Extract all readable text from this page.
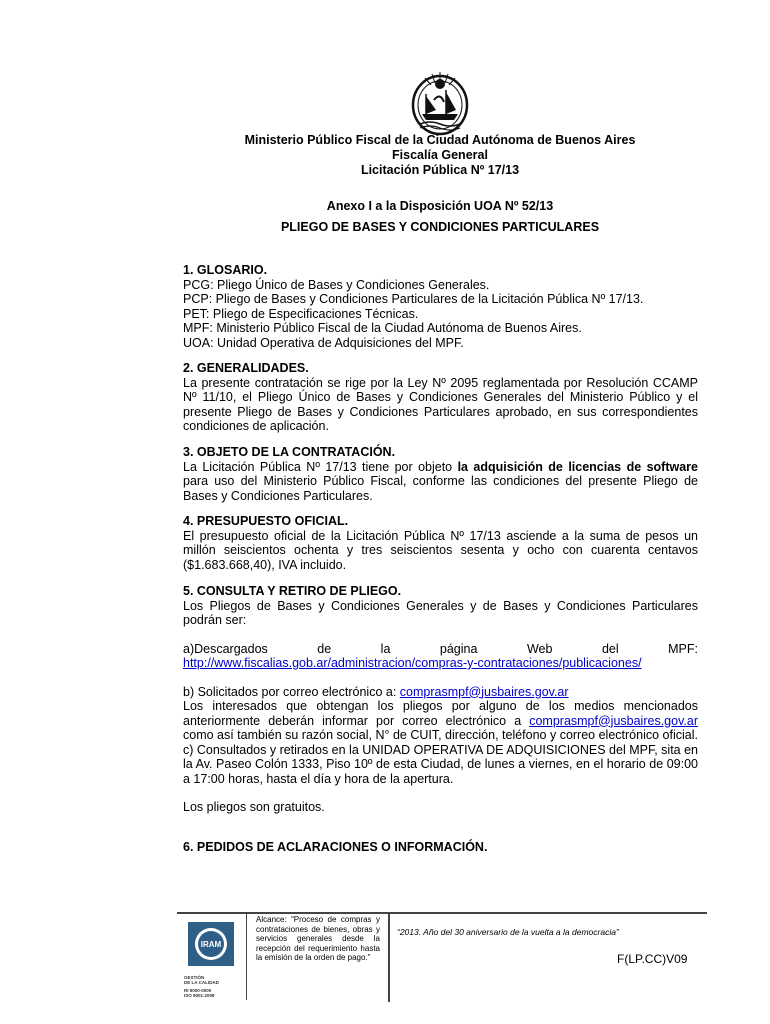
Ministerio Público Fiscal de la Ciudad Autónoma de Buenos Aires
Fiscalía General
Licitación Pública Nº 17/13
Anexo I a la Disposición UOA Nº 52/13
PLIEGO DE BASES Y CONDICIONES PARTICULARES

1. GLOSARIO.

PCG: Pliego Único de Bases y Condiciones Generales.

PCP: Pliego de Bases y Condiciones Particulares de la Licitación Pública Nº 17/13.

PET: Pliego de Especificaciones Técnicas.

MPF: Ministerio Público Fiscal de la Ciudad Autónoma de Buenos Aires.

UOA: Unidad Operativa de Adquisiciones del MPF.

2. GENERALIDADES.

La presente contratación se rige por la Ley Nº 2095 reglamentada por Resolución CCAMP Nº 11/10, el Pliego Único de Bases y Condiciones Generales del Ministerio Público y el presente Pliego de Bases y Condiciones Particulares aprobado, en sus correspondientes condiciones de aplicación.

3. OBJETO DE LA CONTRATACIÓN.

La Licitación Pública Nº 17/13 tiene por objeto la adquisición de licencias de software para uso del Ministerio Público Fiscal, conforme las condiciones del presente Pliego de Bases y Condiciones Particulares.

4. PRESUPUESTO OFICIAL.

El presupuesto oficial de la Licitación Pública Nº 17/13 asciende a la suma de pesos un millón seiscientos ochenta y tres seiscientos sesenta y ocho con cuarenta centavos ($1.683.668,40), IVA incluido.

5. CONSULTA Y RETIRO DE PLIEGO.

Los Pliegos de Bases y Condiciones Generales y de Bases y Condiciones Particulares podrán ser:

a)Descargados	de	la	página	Web	del	MPF:

http://www.fiscalias.gob.ar/administracion/compras-y-contrataciones/publicaciones/

b) Solicitados por correo electrónico a: comprasmpf@jusbaires.gov.ar

Los interesados que obtengan los pliegos por alguno de los medios mencionados anteriormente deberán informar por correo electrónico a comprasmpf@jusbaires.gov.ar como así también su razón social, N° de CUIT, dirección, teléfono y correo electrónico oficial.

c) Consultados y retirados en la UNIDAD OPERATIVA DE ADQUISICIONES del MPF, sita en la Av. Paseo Colón 1333, Piso 10º de esta Ciudad, de lunes a viernes, en el horario de 09:00 a 17:00 horas, hasta el día y hora de la apertura.

Los pliegos son gratuitos.

6. PEDIDOS DE ACLARACIONES O INFORMACIÓN.

IRAM
GESTIÓN
DE LA CALIDAD
RI 9000-0000
ISO 9001:2008
Alcance: “Proceso de compras y contrataciones de bienes, obras y servicios generales desde la recepción del requerimiento hasta la emisión de la orden de pago.”
“2013. Año del 30 aniversario de la vuelta a la democracia”
F(LP.CC)V09
